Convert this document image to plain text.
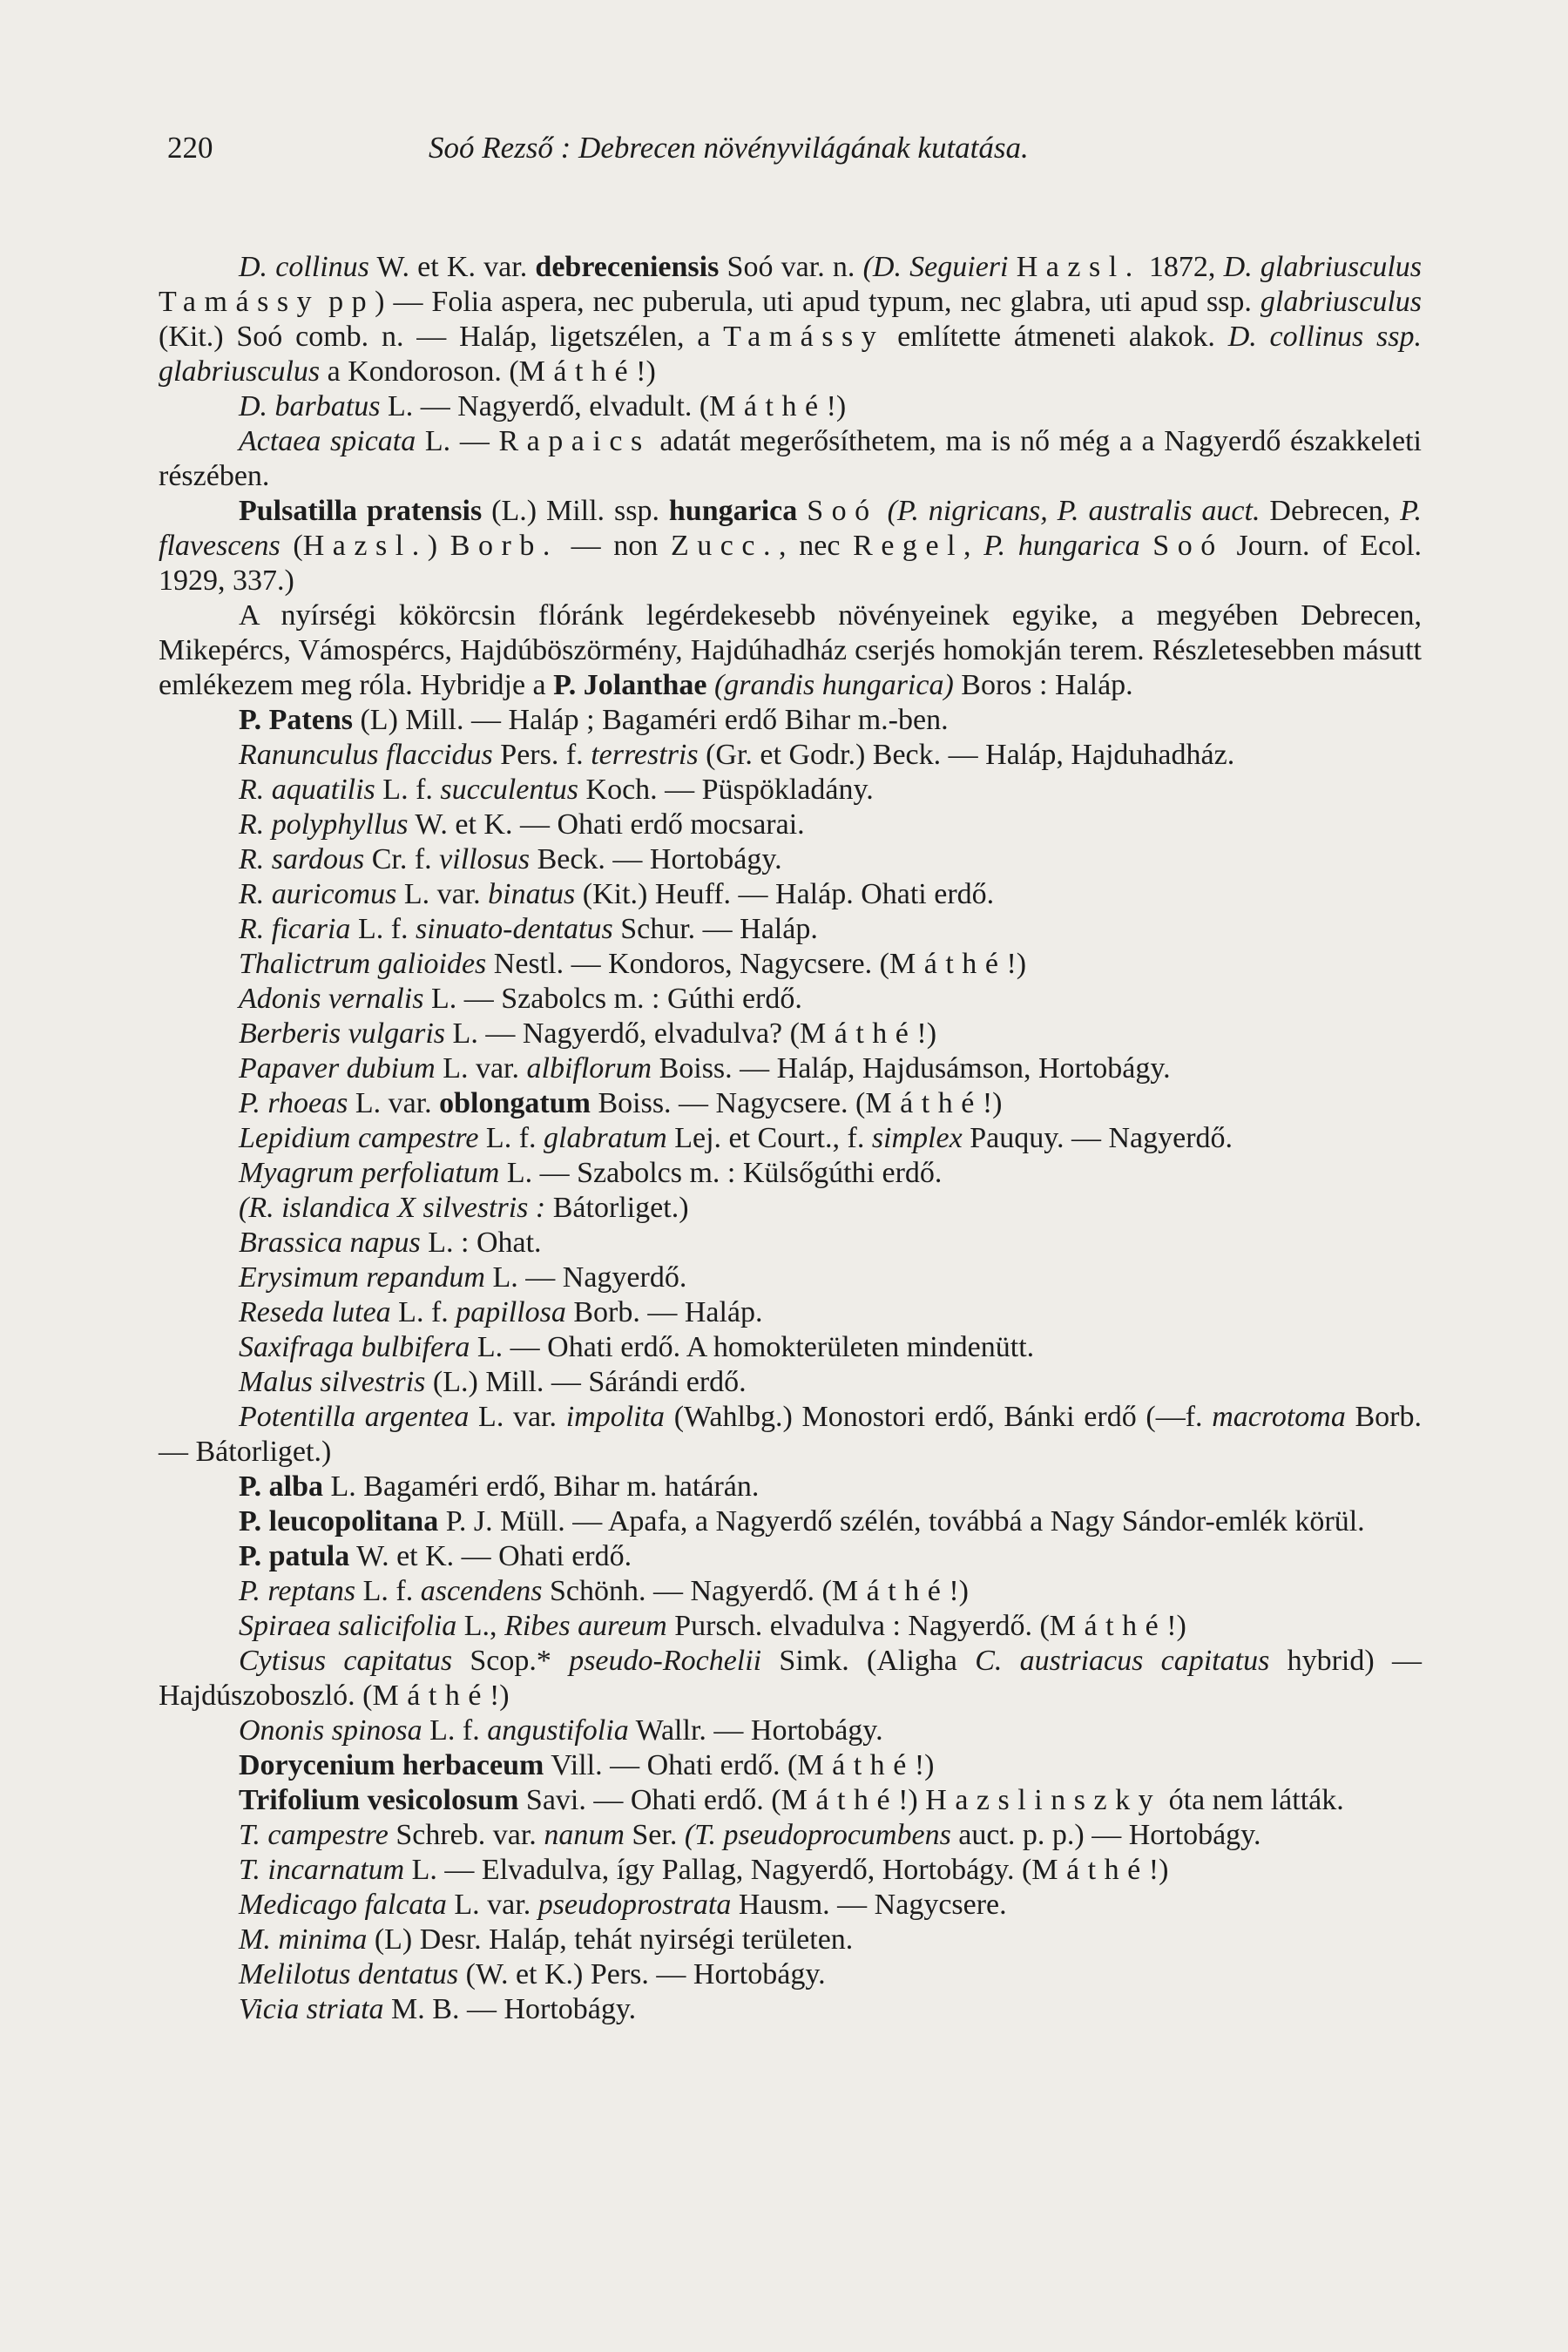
220	Soó Rezső : Debrecen növényvilágának kutatása.

D. collinus W. et K. var. debreceniensis Soó var. n. (D. Seguieri Hazsl. 1872, D. glabriusculus Tamássy pp) — Folia aspera, nec puberula, uti apud typum, nec glabra, uti apud ssp. glabriusculus (Kit.) Soó comb. n. — Haláp, ligetszélen, a Tamássy említette átmeneti alakok. D. collinus ssp. glabriusculus a Kondoroson. (Máthé!)

D. barbatus L. — Nagyerdő, elvadult. (Máthé!)

Actaea spicata L. — Rapaics adatát megerősíthetem, ma is nő még a a Nagyerdő északkeleti részében.

Pulsatilla pratensis (L.) Mill. ssp. hungarica Soó (P. nigricans, P. australis auct. Debrecen, P. flavescens (Hazsl.) Borb. — non Zucc., nec Regel, P. hungarica Soó Journ. of Ecol. 1929, 337.)

A nyírségi kökörcsin flóránk legérdekesebb növényeinek egyike, a megyében Debrecen, Mikepércs, Vámospércs, Hajdúböszörmény, Hajdúhadház cserjés homokján terem. Részletesebben másutt emlékezem meg róla. Hybridje a P. Jolanthae (grandis hungarica) Boros : Haláp.

P. Patens (L) Mill. — Haláp ; Bagaméri erdő Bihar m.-ben.

Ranunculus flaccidus Pers. f. terrestris (Gr. et Godr.) Beck. — Haláp, Hajduhadház.

R. aquatilis L. f. succulentus Koch. — Püspökladány.

R. polyphyllus W. et K. — Ohati erdő mocsarai.

R. sardous Cr. f. villosus Beck. — Hortobágy.

R. auricomus L. var. binatus (Kit.) Heuff. — Haláp. Ohati erdő.

R. ficaria L. f. sinuato-dentatus Schur. — Haláp.

Thalictrum galioides Nestl. — Kondoros, Nagycsere. (Máthé!)

Adonis vernalis L. — Szabolcs m. : Gúthi erdő.

Berberis vulgaris L. — Nagyerdő, elvadulva? (Máthé!)

Papaver dubium L. var. albiflorum Boiss. — Haláp, Hajdusámson, Hortobágy.

P. rhoeas L. var. oblongatum Boiss. — Nagycsere. (Máthé!)

Lepidium campestre L. f. glabratum Lej. et Court., f. simplex Pauquy. — Nagyerdő.

Myagrum perfoliatum L. — Szabolcs m. : Külsőgúthi erdő.

(R. islandica X silvestris : Bátorliget.)

Brassica napus L. : Ohat.

Erysimum repandum L. — Nagyerdő.

Reseda lutea L. f. papillosa Borb. — Haláp.

Saxifraga bulbifera L. — Ohati erdő. A homokterületen mindenütt.

Malus silvestris (L.) Mill. — Sárándi erdő.

Potentilla argentea L. var. impolita (Wahlbg.) Monostori erdő, Bánki erdő (—f. macrotoma Borb. — Bátorliget.)

P. alba L. Bagaméri erdő, Bihar m. határán.

P. leucopolitana P. J. Müll. — Apafa, a Nagyerdő szélén, továbbá a Nagy Sándor-emlék körül.

P. patula W. et K. — Ohati erdő.

P. reptans L. f. ascendens Schönh. — Nagyerdő. (Máthé!)

Spiraea salicifolia L., Ribes aureum Pursch. elvadulva : Nagyerdő. (Máthé!)

Cytisus capitatus Scop.* pseudo-Rochelii Simk. (Aligha C. austriacus capitatus hybrid) — Hajdúszoboszló. (Máthé!)

Ononis spinosa L. f. angustifolia Wallr. — Hortobágy.

Dorycenium herbaceum Vill. — Ohati erdő. (Máthé!)

Trifolium vesicolosum Savi. — Ohati erdő. (Máthé!) Hazslinszky óta nem látták.

T. campestre Schreb. var. nanum Ser. (T. pseudoprocumbens auct. p. p.) — Hortobágy.

T. incarnatum L. — Elvadulva, így Pallag, Nagyerdő, Hortobágy. (Máthé!)

Medicago falcata L. var. pseudoprostrata Hausm. — Nagycsere.

M. minima (L) Desr. Haláp, tehát nyirségi területen.

Melilotus dentatus (W. et K.) Pers. — Hortobágy.

Vicia striata M. B. — Hortobágy.
